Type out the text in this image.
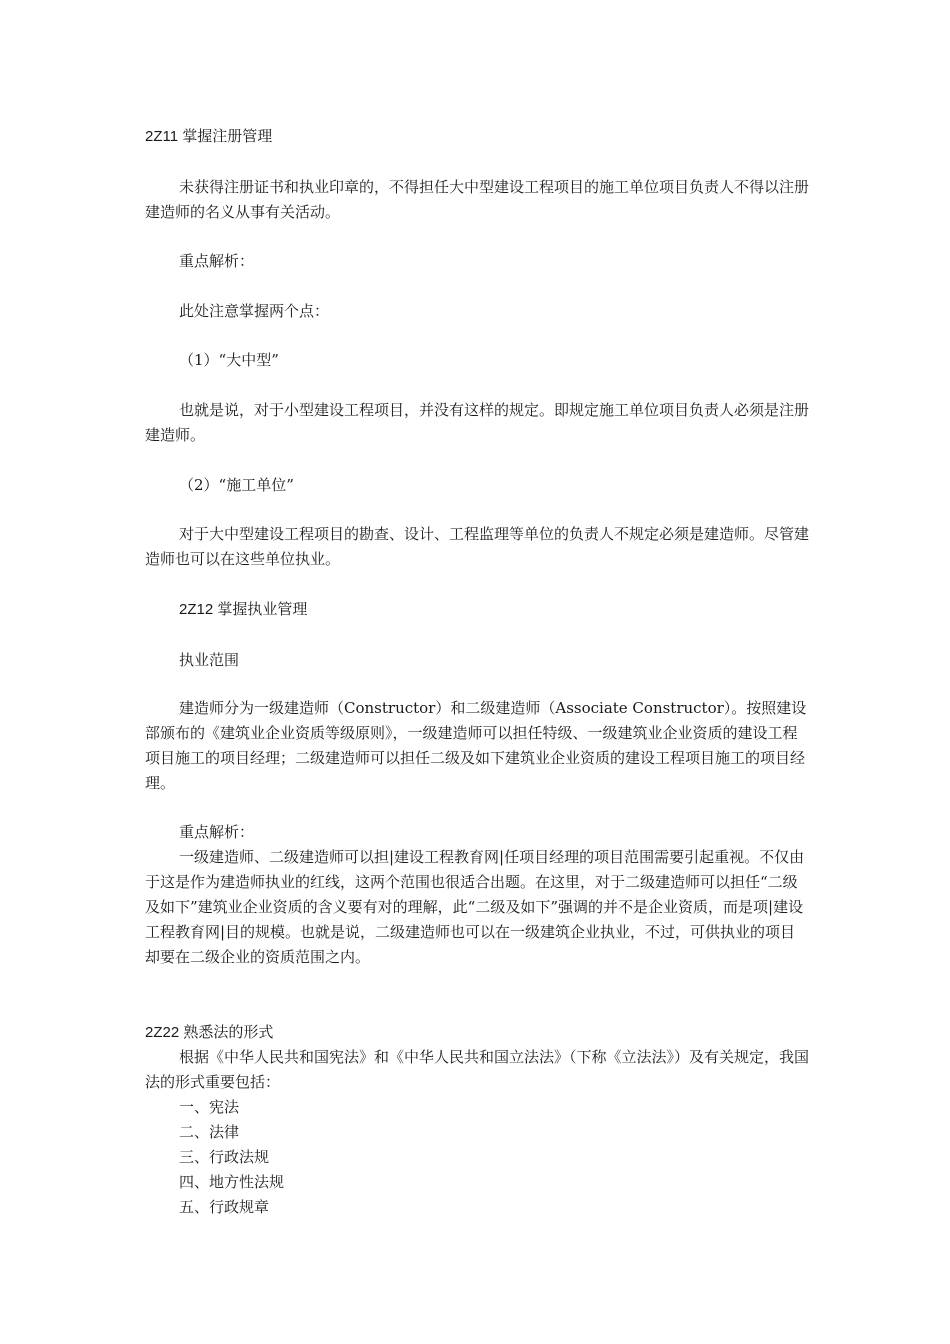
2Z11 掌握注册管理

未获得注册证书和执业印章的，不得担任大中型建设工程项目的施工单位项目负责人不得以注册建造师的名义从事有关活动。

重点解析：

此处注意掌握两个点：

（1）“大中型”

也就是说，对于小型建设工程项目，并没有这样的规定。即规定施工单位项目负责人必须是注册建造师。

（2）“施工单位”

对于大中型建设工程项目的勘查、设计、工程监理等单位的负责人不规定必须是建造师。尽管建造师也可以在这些单位执业。

2Z12 掌握执业管理

执业范围

建造师分为一级建造师（Constructor）和二级建造师（Associate Constructor）。按照建设部颁布的《建筑业企业资质等级原则》，一级建造师可以担任特级、一级建筑业企业资质的建设工程项目施工的项目经理；二级建造师可以担任二级及如下建筑业企业资质的建设工程项目施工的项目经理。

重点解析：

一级建造师、二级建造师可以担|建设工程教育网|任项目经理的项目范围需要引起重视。不仅由于这是作为建造师执业的红线，这两个范围也很适合出题。在这里，对于二级建造师可以担任“二级及如下”建筑业企业资质的含义要有对的理解，此“二级及如下”强调的并不是企业资质，而是项|建设工程教育网|目的规模。也就是说，二级建造师也可以在一级建筑企业执业，不过，可供执业的项目却要在二级企业的资质范围之内。

2Z22 熟悉法的形式

根据《中华人民共和国宪法》和《中华人民共和国立法法》（下称《立法法》）及有关规定，我国法的形式重要包括：

一、宪法

二、法律

三、行政法规

四、地方性法规

五、行政规章
